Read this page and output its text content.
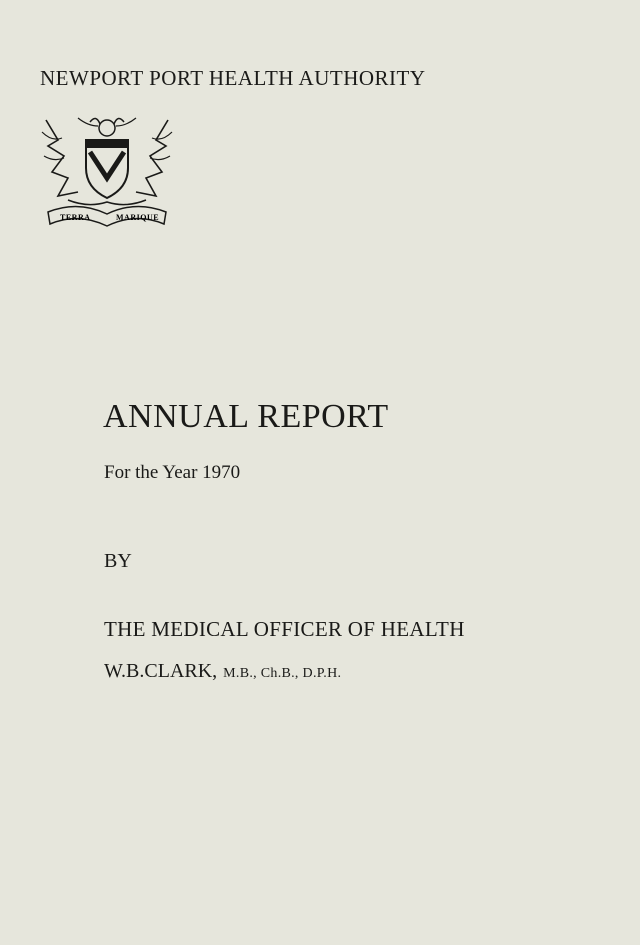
NEWPORT PORT HEALTH AUTHORITY
TERRA	MARIQUE
ANNUAL REPORT
For the Year 1970
BY
THE MEDICAL OFFICER OF HEALTH
W.B.CLARK, M.B., Ch.B., D.P.H.
